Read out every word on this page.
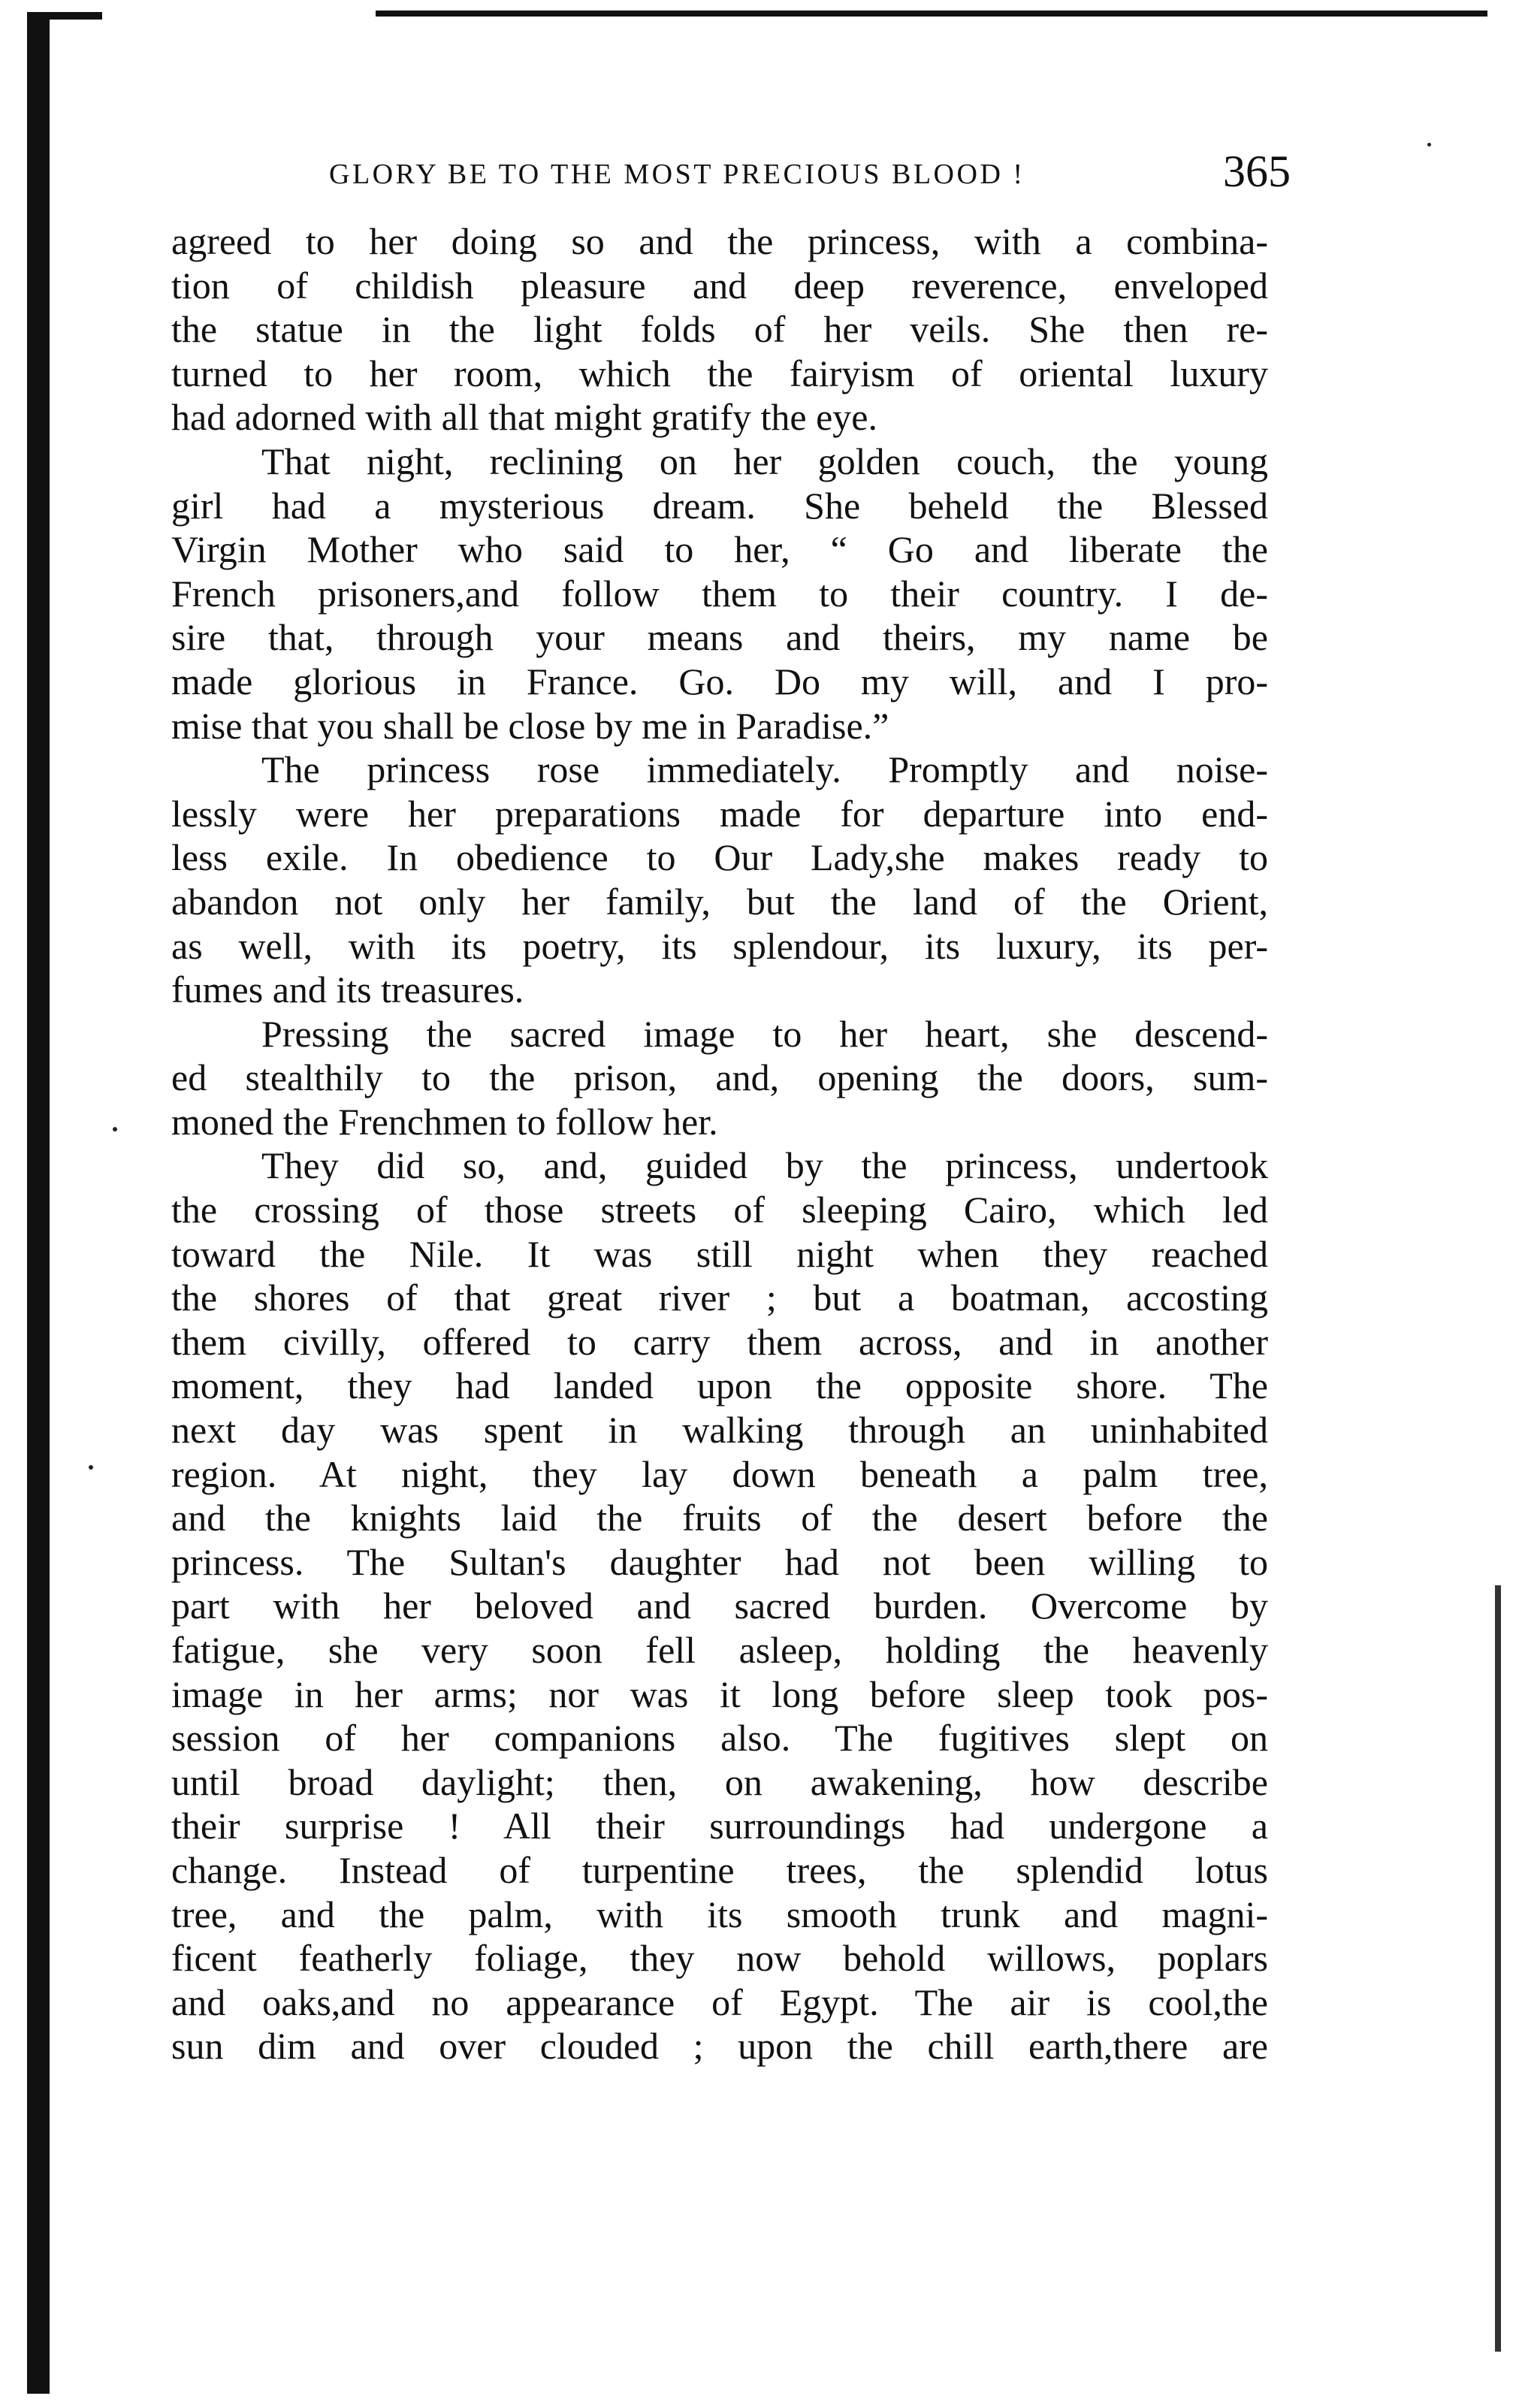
GLORY BE TO THE MOST PRECIOUS BLOOD !	365
agreed to her doing so and the princess, with a combina-
tion of childish pleasure and deep reverence, enveloped
the statue in the light folds of her veils. She then re-
turned to her room, which the fairyism of oriental luxury
had adorned with all that might gratify the eye.
That night, reclining on her golden couch, the young
girl had a mysterious dream. She beheld the Blessed
Virgin Mother who said to her, “ Go and liberate the
French prisoners,and follow them to their country. I de-
sire that, through your means and theirs, my name be
made glorious in France. Go. Do my will, and I pro-
mise that you shall be close by me in Paradise.”
The princess rose immediately. Promptly and noise-
lessly were her preparations made for departure into end-
less exile. In obedience to Our Lady,she makes ready to
abandon not only her family, but the land of the Orient,
as well, with its poetry, its splendour, its luxury, its per-
fumes and its treasures.
Pressing the sacred image to her heart, she descend-
ed stealthily to the prison, and, opening the doors, sum-
moned the Frenchmen to follow her.
They did so, and, guided by the princess, undertook
the crossing of those streets of sleeping Cairo, which led
toward the Nile. It was still night when they reached
the shores of that great river ; but a boatman, accosting
them civilly, offered to carry them across, and in another
moment, they had landed upon the opposite shore. The
next day was spent in walking through an uninhabited
region. At night, they lay down beneath a palm tree,
and the knights laid the fruits of the desert before the
princess. The Sultan's daughter had not been willing to
part with her beloved and sacred burden. Overcome by
fatigue, she very soon fell asleep, holding the heavenly
image in her arms; nor was it long before sleep took pos-
session of her companions also. The fugitives slept on
until broad daylight; then, on awakening, how describe
their surprise ! All their surroundings had undergone a
change. Instead of turpentine trees, the splendid lotus
tree, and the palm, with its smooth trunk and magni-
ficent featherly foliage, they now behold willows, poplars
and oaks,and no appearance of Egypt. The air is cool,the
sun dim and over clouded ; upon the chill earth,there are
